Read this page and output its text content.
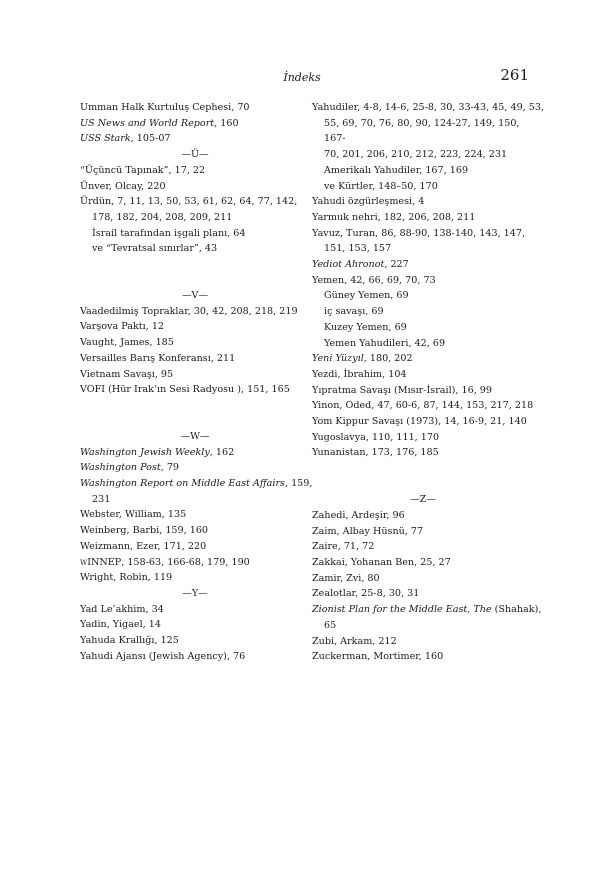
İndeks	261
Umman Halk Kurtuluş Cephesi, 70
US News and World Report, 160
USS Stark, 105-07
—Ü—
“Üçüncü Tapınak”, 17, 22
Ünver, Olcay, 220
Ürdün, 7, 11, 13, 50, 53, 61, 62, 64, 77, 142,
178, 182, 204, 208, 209, 211
İsrail tarafından işgali planı, 64
ve “Tevratsal sınırlar”, 43
—V—
Vaadedilmiş Topraklar, 30, 42, 208, 218, 219
Varşova Paktı, 12
Vaught, James, 185
Versailles Barış Konferansı, 211
Vietnam Savaşı, 95
VOFI (Hür Irak’ın Sesi Radyosu ), 151, 165
—W—
Washington Jewish Weekly, 162
Washington Post, 79
Washington Report on Middle East Affairs, 159,
231
Webster, William, 135
Weinberg, Barbi, 159, 160
Weizmann, Ezer, 171, 220
wINNEP, 158-63, 166-68, 179, 190
Wright, Robin, 119
—Y—
Yad Le’akhim, 34
Yadin, Yigael, 14
Yahuda Krallığı, 125
Yahudi Ajansı (Jewish Agency), 76
Yahudiler, 4-8, 14-6, 25-8, 30, 33-43, 45, 49, 53,
55, 69, 70, 76, 80, 90, 124-27, 149, 150, 167-
70, 201, 206, 210, 212, 223, 224, 231
Amerikalı Yahudiler, 167, 169
ve Kürtler, 148–50, 170
Yahudi özgürleşmesi, 4
Yarmuk nehri, 182, 206, 208, 211
Yavuz, Turan, 86, 88-90, 138-140, 143, 147,
151, 153, 157
Yediot Ahronot, 227
Yemen, 42, 66, 69, 70, 73
Güney Yemen, 69
iç savaşı, 69
Kuzey Yemen, 69
Yemen Yahudileri, 42, 69
Yeni Yüzyıl, 180, 202
Yezdi, İbrahim, 104
Yıpratma Savaşı (Mısır-İsrail), 16, 99
Yinon, Oded, 47, 60-6, 87, 144, 153, 217, 218
Yom Kippur Savaşı (1973), 14, 16-9, 21, 140
Yugoslavya, 110, 111, 170
Yunanistan, 173, 176, 185
—Z—
Zahedi, Ardeşir, 96
Zaim, Albay Hüsnü, 77
Zaire, 71, 72
Zakkai, Yohanan Ben, 25, 27
Zamir, Zvi, 80
Zealotlar, 25-8, 30, 31
Zionist Plan for the Middle East, The (Shahak),
65
Zubi, Arkam, 212
Zuckerman, Mortimer, 160
